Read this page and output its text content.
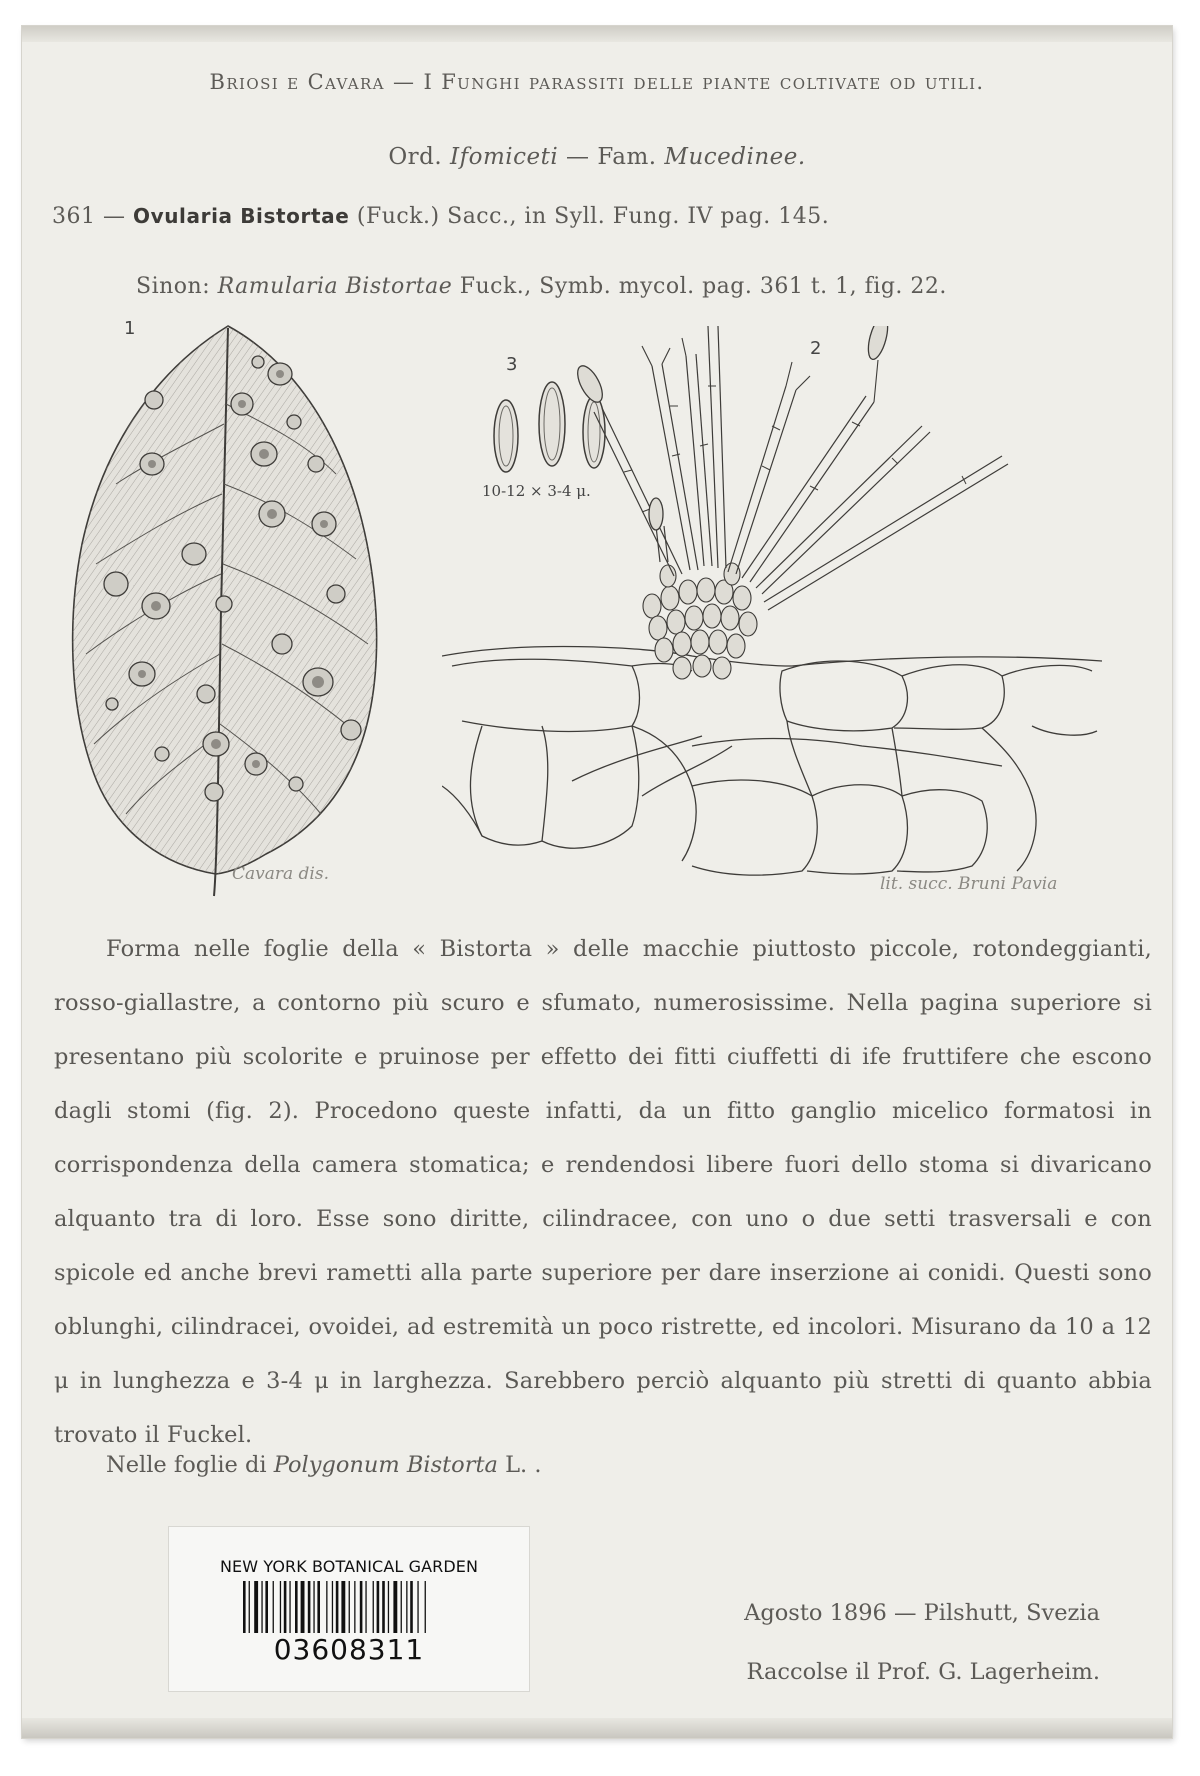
Briosi e Cavara — I Funghi parassiti delle piante coltivate od utili.
Ord. Ifomiceti — Fam. Mucedinee.
361 — Ovularia Bistortae (Fuck.) Sacc., in Syll. Fung. IV pag. 145.
Sinon: Ramularia Bistortae Fuck., Symb. mycol. pag. 361 t. 1, fig. 22.
1
Cavara dis.
3
10-12 × 3-4 μ.
2
lit. succ. Bruni Pavia

Forma nelle foglie della « Bistorta » delle macchie piuttosto piccole, rotondeggianti, rosso-giallastre, a contorno più scuro e sfumato, numerosissime. Nella pagina superiore si presentano più scolorite e pruinose per effetto dei fitti ciuffetti di ife fruttifere che escono dagli stomi (fig. 2). Procedono queste infatti, da un fitto ganglio micelico formatosi in corrispondenza della camera stomatica; e rendendosi libere fuori dello stoma si divaricano alquanto tra di loro. Esse sono diritte, cilindracee, con uno o due setti trasversali e con spicole ed anche brevi rametti alla parte superiore per dare inserzione ai conidi. Questi sono oblunghi, cilindracei, ovoidei, ad estremità un poco ristrette, ed incolori. Misurano da 10 a 12 μ in lunghezza e 3-4 μ in larghezza. Sarebbero perciò alquanto più stretti di quanto abbia trovato il Fuckel.

Nelle foglie di Polygonum Bistorta L. .
NEW YORK BOTANICAL GARDEN
03608311
Agosto 1896 — Pilshutt, Svezia
Raccolse il Prof. G. Lagerheim.
